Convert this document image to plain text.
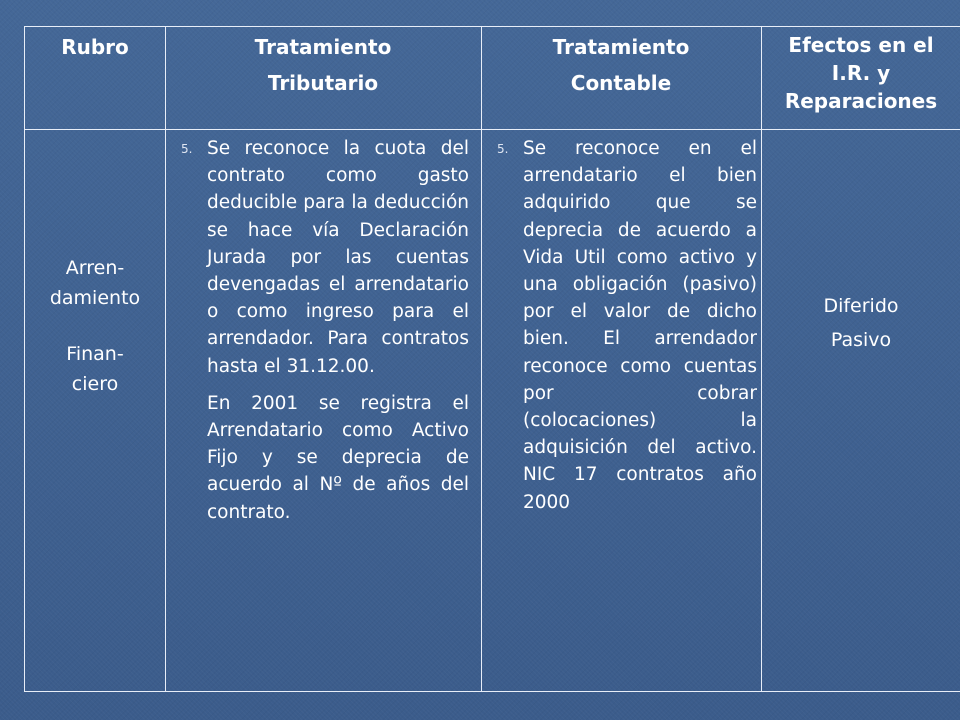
Rubro	Tratamiento
Tributario
Tratamiento
Contable
Efectos en el
I.R. y
Reparaciones
Arren-
damiento
Finan-
ciero
5. Se reconoce la cuota del contrato como gasto deducible para la deducción se hace vía Declaración Jurada por las cuentas devengadas el arrendatario o como ingreso para el arrendador. Para contratos hasta el 31.12.00.
En 2001 se registra el Arrendatario como Activo Fijo y se deprecia de acuerdo al Nº de años del contrato.
5. Se reconoce en el arrendatario el bien adquirido que se deprecia de acuerdo a Vida Util como activo y una obligación (pasivo) por el valor de dicho bien. El arrendador reconoce como cuentas por cobrar (colocaciones) la adquisición del activo. NIC 17 contratos año 2000
Diferido
Pasivo
